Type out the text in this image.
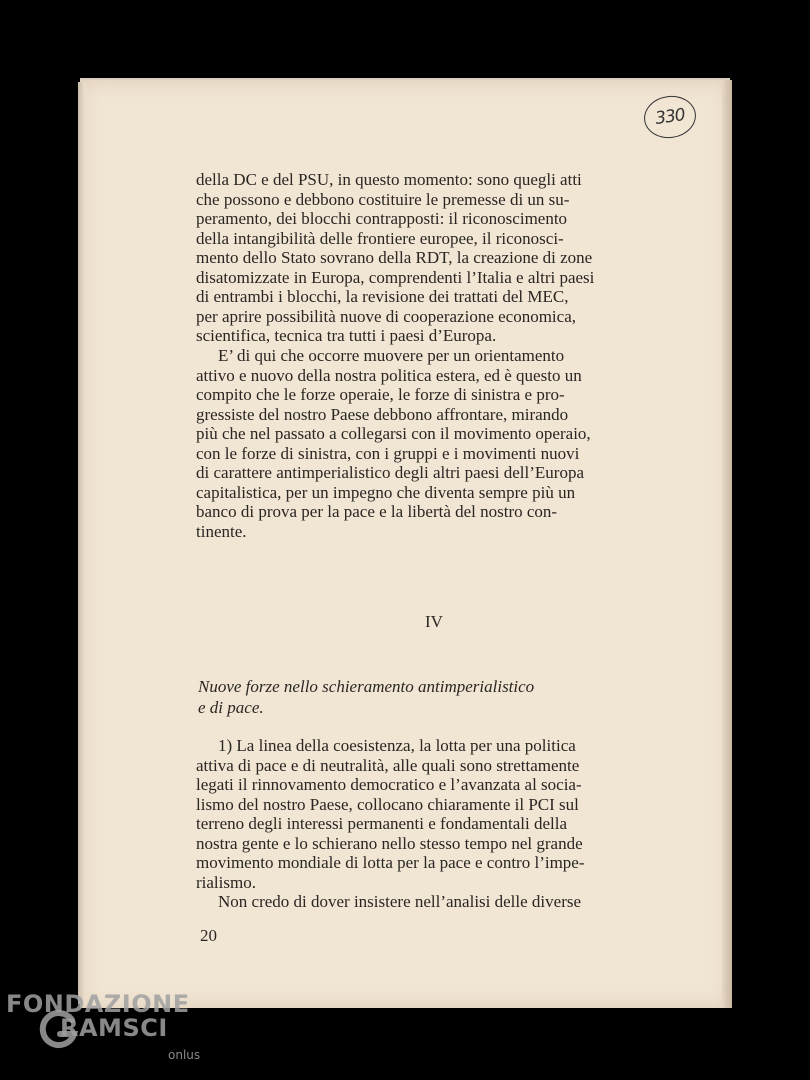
330

della DC e del PSU, in questo momento: sono quegli atti

che possono e debbono costituire le premesse di un su-

peramento, dei blocchi contrapposti: il riconoscimento

della intangibilità delle frontiere europee, il riconosci-

mento dello Stato sovrano della RDT, la creazione di zone

disatomizzate in Europa, comprendenti l’Italia e altri paesi

di entrambi i blocchi, la revisione dei trattati del MEC,

per aprire possibilità nuove di cooperazione economica,

scientifica, tecnica tra tutti i paesi d’Europa.

E’ di qui che occorre muovere per un orientamento

attivo e nuovo della nostra politica estera, ed è questo un

compito che le forze operaie, le forze di sinistra e pro-

gressiste del nostro Paese debbono affrontare, mirando

più che nel passato a collegarsi con il movimento operaio,

con le forze di sinistra, con i gruppi e i movimenti nuovi

di carattere antimperialistico degli altri paesi dell’Europa

capitalistica, per un impegno che diventa sempre più un

banco di prova per la pace e la libertà del nostro con-

tinente.

IV
Nuove forze nello schieramento antimperialistico
e di pace.

1) La linea della coesistenza, la lotta per una politica

attiva di pace e di neutralità, alle quali sono strettamente

legati il rinnovamento democratico e l’avanzata al socia-

lismo del nostro Paese, collocano chiaramente il PCI sul

terreno degli interessi permanenti e fondamentali della

nostra gente e lo schierano nello stesso tempo nel grande

movimento mondiale di lotta per la pace e contro l’impe-

rialismo.

Non credo di dover insistere nell’analisi delle diverse

20
FONDAZIONE
RAMSCI
onlus
